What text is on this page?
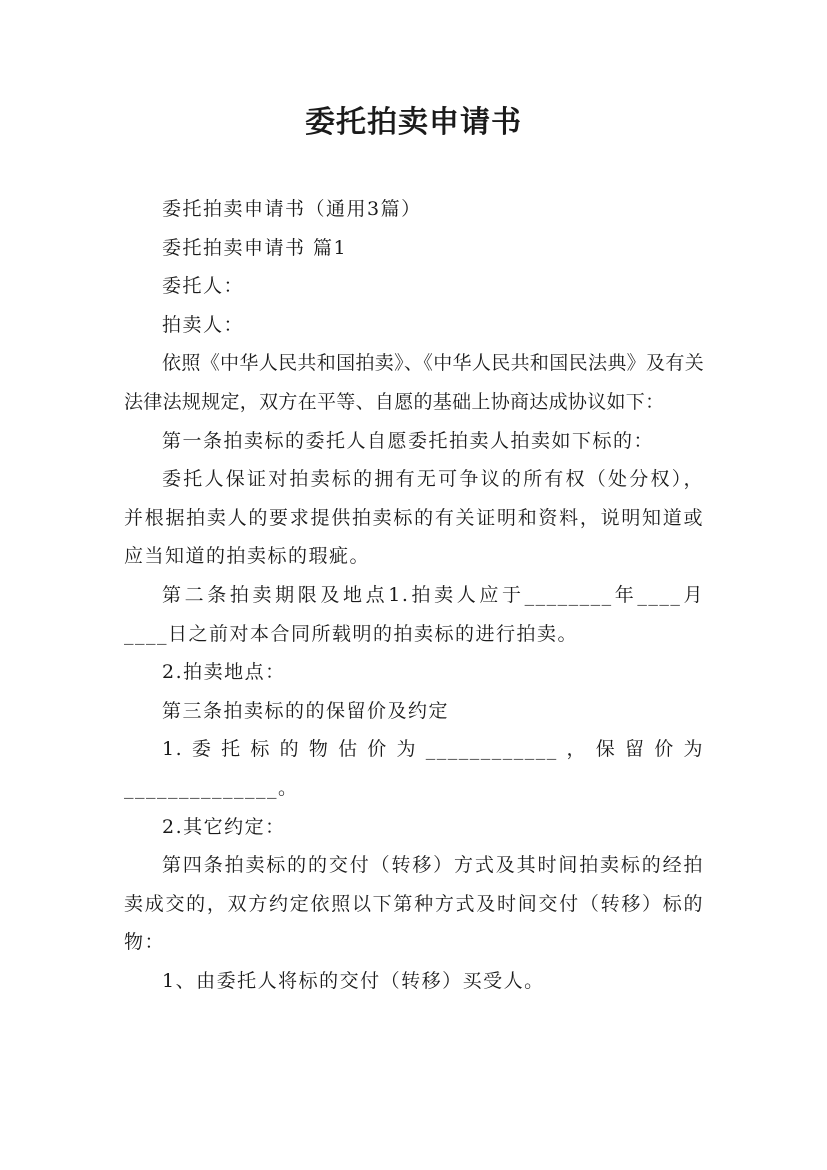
委托拍卖申请书

委托拍卖申请书（通用3篇）

委托拍卖申请书 篇1

委托人：

拍卖人：

依照《中华人民共和国拍卖》、《中华人民共和国民法典》及有关法律法规规定，双方在平等、自愿的基础上协商达成协议如下：

第一条拍卖标的委托人自愿委托拍卖人拍卖如下标的：

委托人保证对拍卖标的拥有无可争议的所有权（处分权），并根据拍卖人的要求提供拍卖标的有关证明和资料，说明知道或应当知道的拍卖标的瑕疵。

第二条拍卖期限及地点1.拍卖人应于________年____月____日之前对本合同所载明的拍卖标的进行拍卖。

2.拍卖地点：

第三条拍卖标的的保留价及约定

1.委托标的物估价为____________，保留价为______________。

2.其它约定：

第四条拍卖标的的交付（转移）方式及其时间拍卖标的经拍卖成交的，双方约定依照以下第种方式及时间交付（转移）标的物：

1、由委托人将标的交付（转移）买受人。
